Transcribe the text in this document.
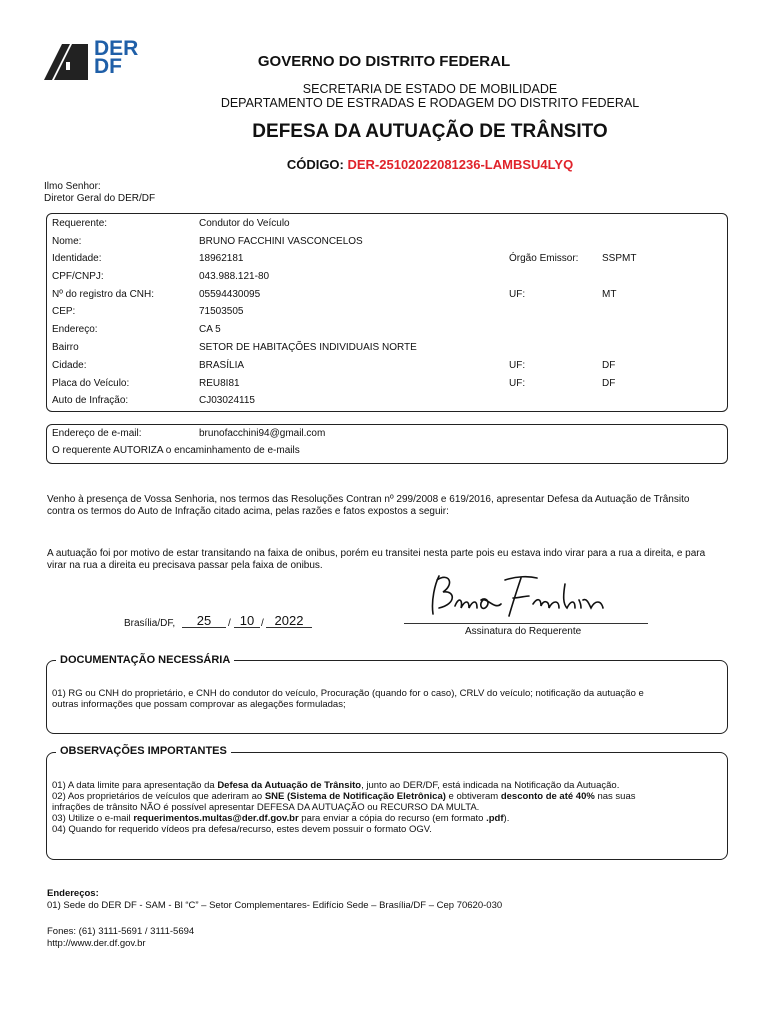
DER
DF	GOVERNO DO DISTRITO FEDERAL
SECRETARIA DE ESTADO DE MOBILIDADE
DEPARTAMENTO DE ESTRADAS E RODAGEM DO DISTRITO FEDERAL
DEFESA DA AUTUAÇÃO DE TRÂNSITO
CÓDIGO: DER-25102022081236-LAMBSU4LYQ
Ilmo Senhor:
Diretor Geral do DER/DF
Requerente:	Condutor do Veículo
Nome:	BRUNO FACCHINI VASCONCELOS
Identidade:	18962181	Órgão Emissor: SSPMT
CPF/CNPJ:	043.988.121-80
Nº do registro da CNH:	05594430095	UF:	MT
CEP:	71503505
Endereço:	CA 5
Bairro	SETOR DE HABITAÇÕES INDIVIDUAIS NORTE
Cidade:	BRASÍLIA	UF:	DF
Placa do Veículo:	REU8I81	UF:	DF
Auto de Infração:	CJ03024115
Endereço de e-mail:	brunofacchini94@gmail.com
O requerente AUTORIZA o encaminhamento de e-mails
Venho à presença de Vossa Senhoria, nos termos das Resoluções Contran nº 299/2008 e 619/2016, apresentar Defesa da Autuação de Trânsito
contra os termos do Auto de Infração citado acima, pelas razões e fatos expostos a seguir:
A autuação foi por motivo de estar transitando na faixa de onibus, porém eu transitei nesta parte pois eu estava indo virar para a rua a direita, e para
virar na rua a direita eu precisava passar pela faixa de onibus.
Brasília/DF,	25	/ 10 / 2022
Assinatura do Requerente
DOCUMENTAÇÃO NECESSÁRIA
01) RG ou CNH do proprietário, e CNH do condutor do veículo, Procuração (quando for o caso), CRLV do veículo; notificação da autuação e
outras informações que possam comprovar as alegações formuladas;
OBSERVAÇÕES IMPORTANTES
01) A data limite para apresentação da Defesa da Autuação de Trânsito, junto ao DER/DF, está indicada na Notificação da Autuação.
02) Aos proprietários de veículos que aderiram ao SNE (Sistema de Notificação Eletrônica) e obtiveram desconto de até 40% nas suas
infrações de trânsito NÃO é possível apresentar DEFESA DA AUTUAÇÃO ou RECURSO DA MULTA.
03) Utilize o e-mail requerimentos.multas@der.df.gov.br para enviar a cópia do recurso (em formato .pdf).
04) Quando for requerido vídeos pra defesa/recurso, estes devem possuir o formato OGV.
Endereços:
01) Sede do DER DF - SAM - Bl “C” – Setor Complementares- Edifício Sede – Brasília/DF – Cep 70620-030
Fones: (61) 3111-5691 / 3111-5694
http://www.der.df.gov.br
